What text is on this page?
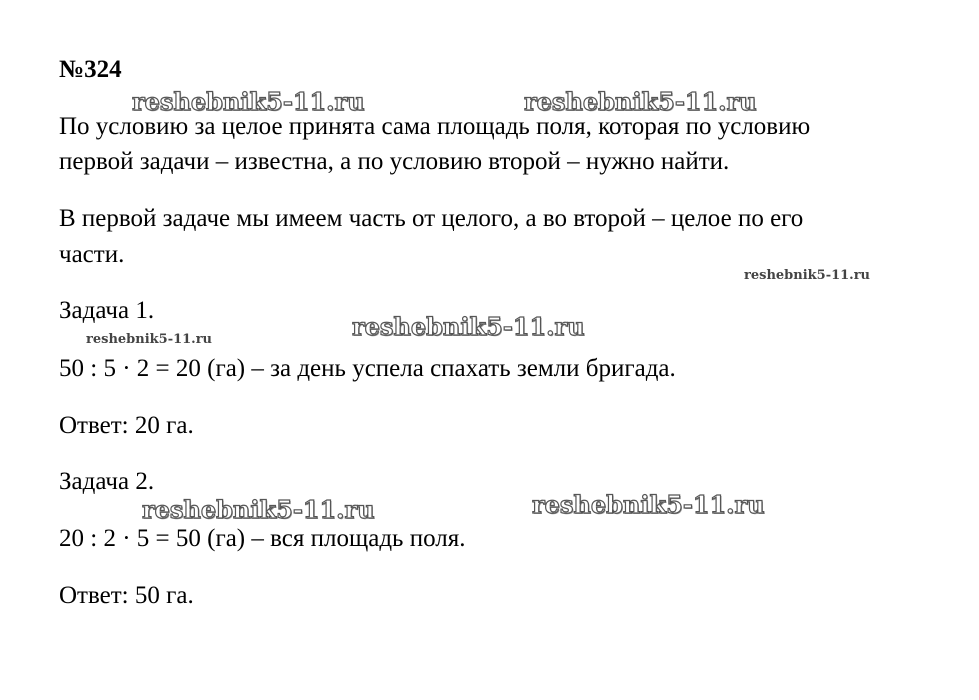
№324
По условию за целое принята сама площадь поля, которая по условию
первой задачи – известна, а по условию второй – нужно найти.
В первой задаче мы имеем часть от целого, а во второй – целое по его
части.
Задача 1.
50 : 5 · 2 = 20 (га) – за день успела спахать земли бригада.
Ответ: 20 га.
Задача 2.
20 : 2 · 5 = 50 (га) – вся площадь поля.
Ответ: 50 га.
reshebnik5-11.ru	reshebnik5-11.ru
reshebnik5-11.ru
reshebnik5-11.ru
reshebnik5-11.ru
reshebnik5-11.ru	reshebnik5-11.ru
